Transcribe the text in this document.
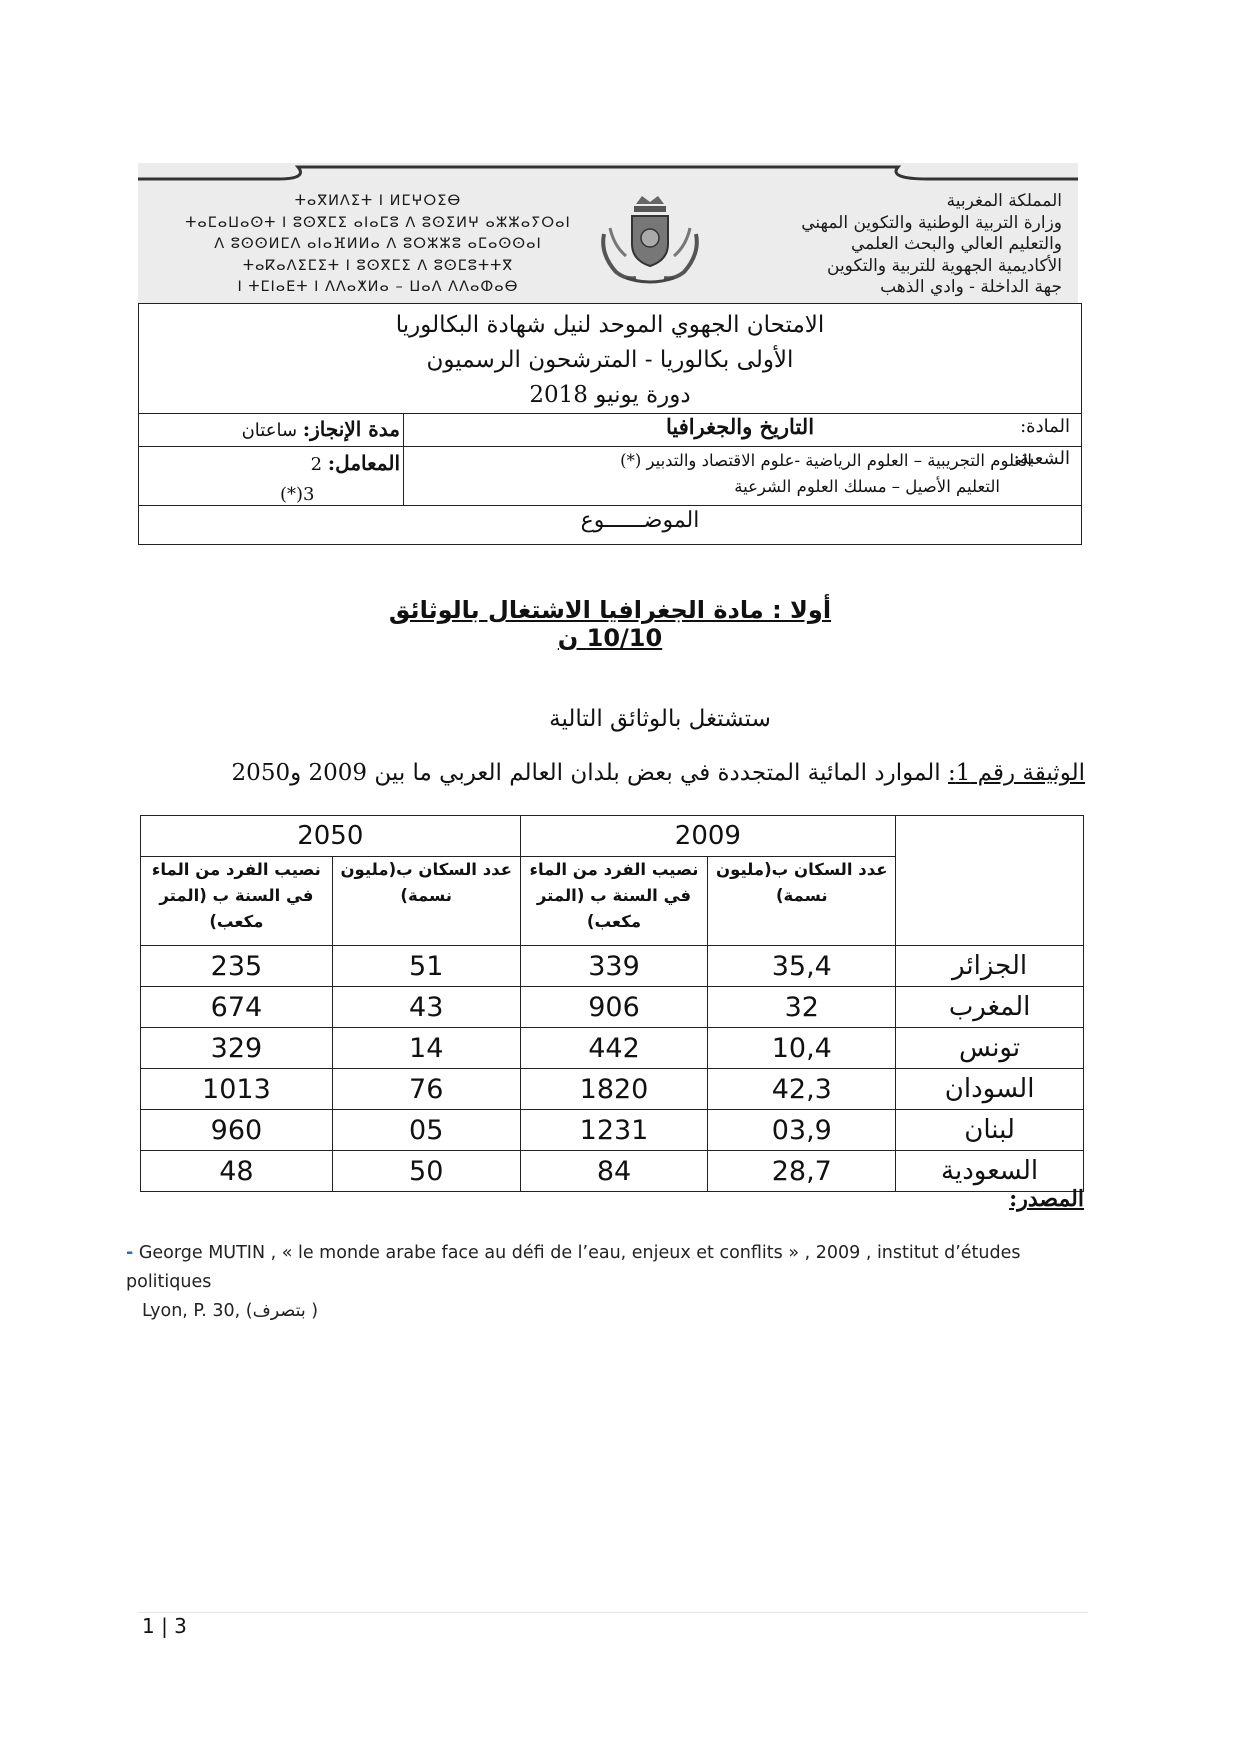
المملكة المغربية
وزارة التربية الوطنية والتكوين المهني
والتعليم العالي والبحث العلمي
الأكاديمية الجهوية للتربية والتكوين
جهة الداخلة - وادي الذهب
ⵜⴰⴳⵍⴷⵉⵜ ⵏ ⵍⵎⵖⵔⵉⴱ
ⵜⴰⵎⴰⵡⴰⵙⵜ ⵏ ⵓⵙⴳⵎⵉ ⴰⵏⴰⵎⵓ ⴷ ⵓⵙⵉⵍⵖ ⴰⵣⵣⴰⵢⵔⴰⵏ
ⴷ ⵓⵙⵙⵍⵎⴷ ⴰⵏⴰⴼⵍⵍⴰ ⴷ ⵓⵔⵣⵣⵓ ⴰⵎⴰⵙⵙⴰⵏ
ⵜⴰⴽⴰⴷⵉⵎⵉⵜ ⵏ ⵓⵙⴳⵎⵉ ⴷ ⵓⵙⵎⵓⵜⵜⴳ
ⵏ ⵜⵎⵏⴰⴹⵜ ⵏ ⴷⴷⴰⵅⵍⴰ – ⵡⴰⴷ ⴷⴷⴰⵀⴰⴱ
الامتحان الجهوي الموحد لنيل شهادة البكالوريا
الأولى بكالوريا - المترشحون الرسميون
دورة يونيو 2018
المادة:
التاريخ والجغرافيا
مدة الإنجاز: ساعتان
الشعبة:
العلوم التجريبية – العلوم الرياضية -علوم الاقتصاد والتدبير (*)
التعليم الأصيل – مسلك العلوم الشرعية
المعامل: 2
3(*)
الموضــــــوع
أولا : مادة الجغرافيا الاشتغال بالوثائق 10/10 ن
ستشتغل بالوثائق التالية
الوثيقة رقم 1: الموارد المائية المتجددة في بعض بلدان العالم العربي ما بين 2009 و2050
	2009		2050	
	عدد السكان ب(مليون نسمة)	نصيب الفرد من الماء في السنة ب (المتر مكعب)	عدد السكان ب(مليون نسمة)	نصيب الفرد من الماء في السنة ب (المتر مكعب)
الجزائر	35,4	339	51	235
المغرب	32	906	43	674
تونس	10,4	442	14	329
السودان	42,3	1820	76	1013
لبنان	03,9	1231	05	960
السعودية	28,7	84	50	48
المصدر:
- George MUTIN , « le monde arabe face au défi de l’eau, enjeux et conflits » , 2009 , institut d’études politiques
Lyon, P. 30, (بتصرف )
1 | 3
